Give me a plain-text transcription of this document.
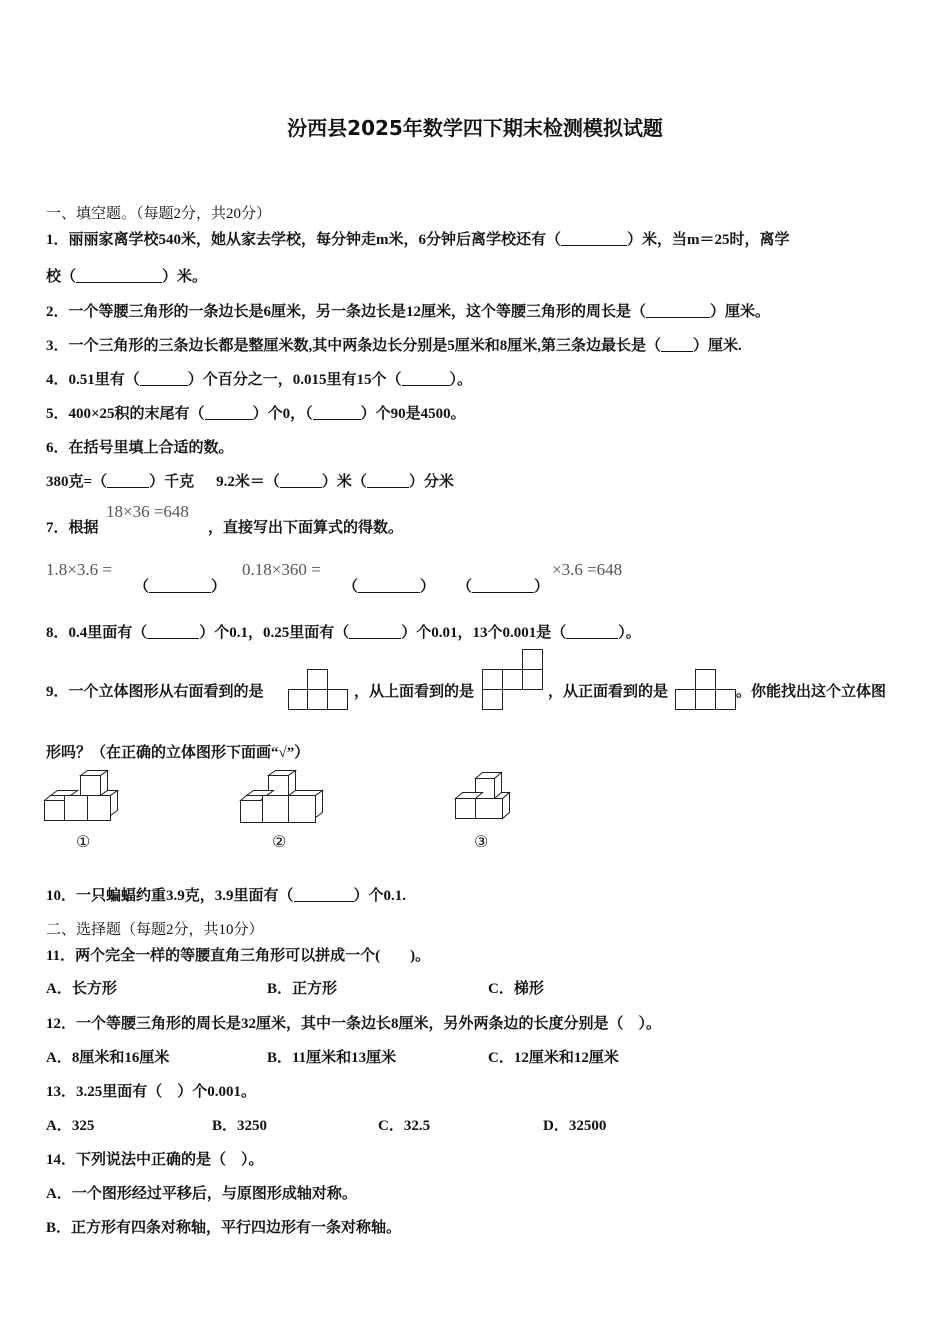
汾西县2025年数学四下期末检测模拟试题
一、填空题。（每题2分，共20分）
1．丽丽家离学校540米，她从家去学校，每分钟走m米，6分钟后离学校还有（	）米，当m＝25时，离学
校（	）米。
2．一个等腰三角形的一条边长是6厘米，另一条边长是12厘米，这个等腰三角形的周长是（	）厘米。
3．一个三角形的三条边长都是整厘米数,其中两条边长分别是5厘米和8厘米,第三条边最长是（ ）厘米.
4．0.51里有（	）个百分之一，0.015里有15个（	）。
5．400×25积的末尾有（	）个0，（	）个90是4500。
6．在括号里填上合适的数。
380克=（	）千克 9.2米＝（	）米（	）分米
7．根据
18×36 =648
，直接写出下面算式的得数。
1.8×3.6 =
（	）
0.18×360 =
（	） （	）
×3.6 =648
8．0.4里面有（	）个0.1，0.25里面有（	）个0.01，13个0.001是（	）。
9．一个立体图形从右面看到的是	，从上面看到的是	，从正面看到的是	。你能找出这个立体图
形吗？（在正确的立体图形下面画“√”）
①	②	③
10．一只蝙蝠约重3.9克，3.9里面有（	）个0.1.
二、选择题（每题2分，共10分）
11．两个完全一样的等腰直角三角形可以拼成一个(　　)。
A．长方形	B．正方形	C．梯形
12．一个等腰三角形的周长是32厘米，其中一条边长8厘米，另外两条边的长度分别是（　）。
A．8厘米和16厘米	B．11厘米和13厘米	C．12厘米和12厘米
13．3.25里面有（　）个0.001。
A．325	B．3250	C．32.5	D．32500
14．下列说法中正确的是（　）。
A．一个图形经过平移后，与原图形成轴对称。
B．正方形有四条对称轴，平行四边形有一条对称轴。
